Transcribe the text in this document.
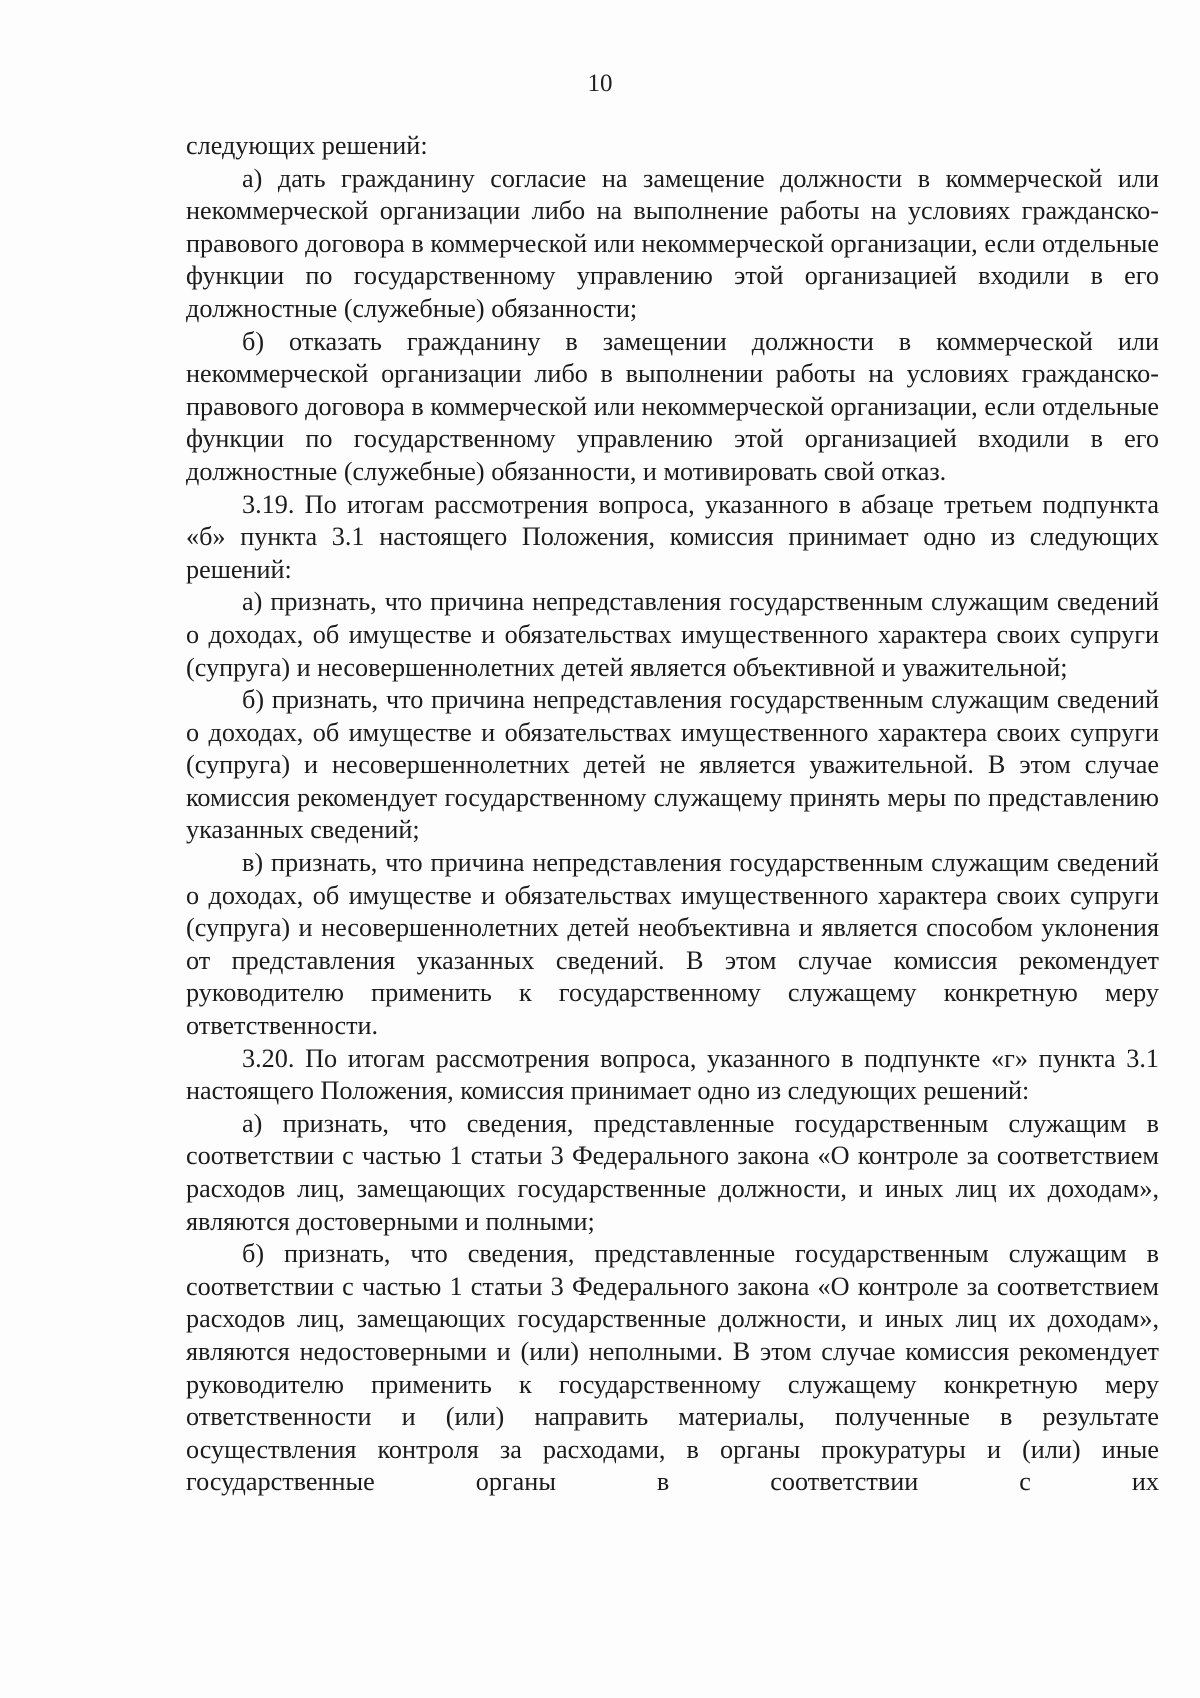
10

следующих решений:

а) дать гражданину согласие на замещение должности в коммерческой или некоммерческой организации либо на выполнение работы на условиях гражданско-правового договора в коммерческой или некоммерческой организации, если отдельные функции по государственному управлению этой организацией входили в его должностные (служебные) обязанности;

б) отказать гражданину в замещении должности в коммерческой или некоммерческой организации либо в выполнении работы на условиях гражданско-правового договора в коммерческой или некоммерческой организации, если отдельные функции по государственному управлению этой организацией входили в его должностные (служебные) обязанности, и мотивировать свой отказ.

3.19. По итогам рассмотрения вопроса, указанного в абзаце третьем подпункта «б» пункта 3.1 настоящего Положения, комиссия принимает одно из следующих решений:

а) признать, что причина непредставления государственным служащим сведений о доходах, об имуществе и обязательствах имущественного характера своих супруги (супруга) и несовершеннолетних детей является объективной и уважительной;

б) признать, что причина непредставления государственным служащим сведений о доходах, об имуществе и обязательствах имущественного характера своих супруги (супруга) и несовершеннолетних детей не является уважительной. В этом случае комиссия рекомендует государственному служащему принять меры по представлению указанных сведений;

в) признать, что причина непредставления государственным служащим сведений о доходах, об имуществе и обязательствах имущественного характера своих супруги (супруга) и несовершеннолетних детей необъективна и является способом уклонения от представления указанных сведений. В этом случае комиссия рекомендует руководителю применить к государственному служащему конкретную меру ответственности.

3.20. По итогам рассмотрения вопроса, указанного в подпункте «г» пункта 3.1 настоящего Положения, комиссия принимает одно из следующих решений:

а) признать, что сведения, представленные государственным служащим в соответствии с частью 1 статьи 3 Федерального закона «О контроле за соответствием расходов лиц, замещающих государственные должности, и иных лиц их доходам», являются достоверными и полными;

б) признать, что сведения, представленные государственным служащим в соответствии с частью 1 статьи 3 Федерального закона «О контроле за соответствием расходов лиц, замещающих государственные должности, и иных лиц их доходам», являются недостоверными и (или) неполными. В этом случае комиссия рекомендует руководителю применить к государственному служащему конкретную меру ответственности и (или) направить материалы, полученные в результате осуществления контроля за расходами, в органы прокуратуры и (или) иные государственные органы в соответствии с их
